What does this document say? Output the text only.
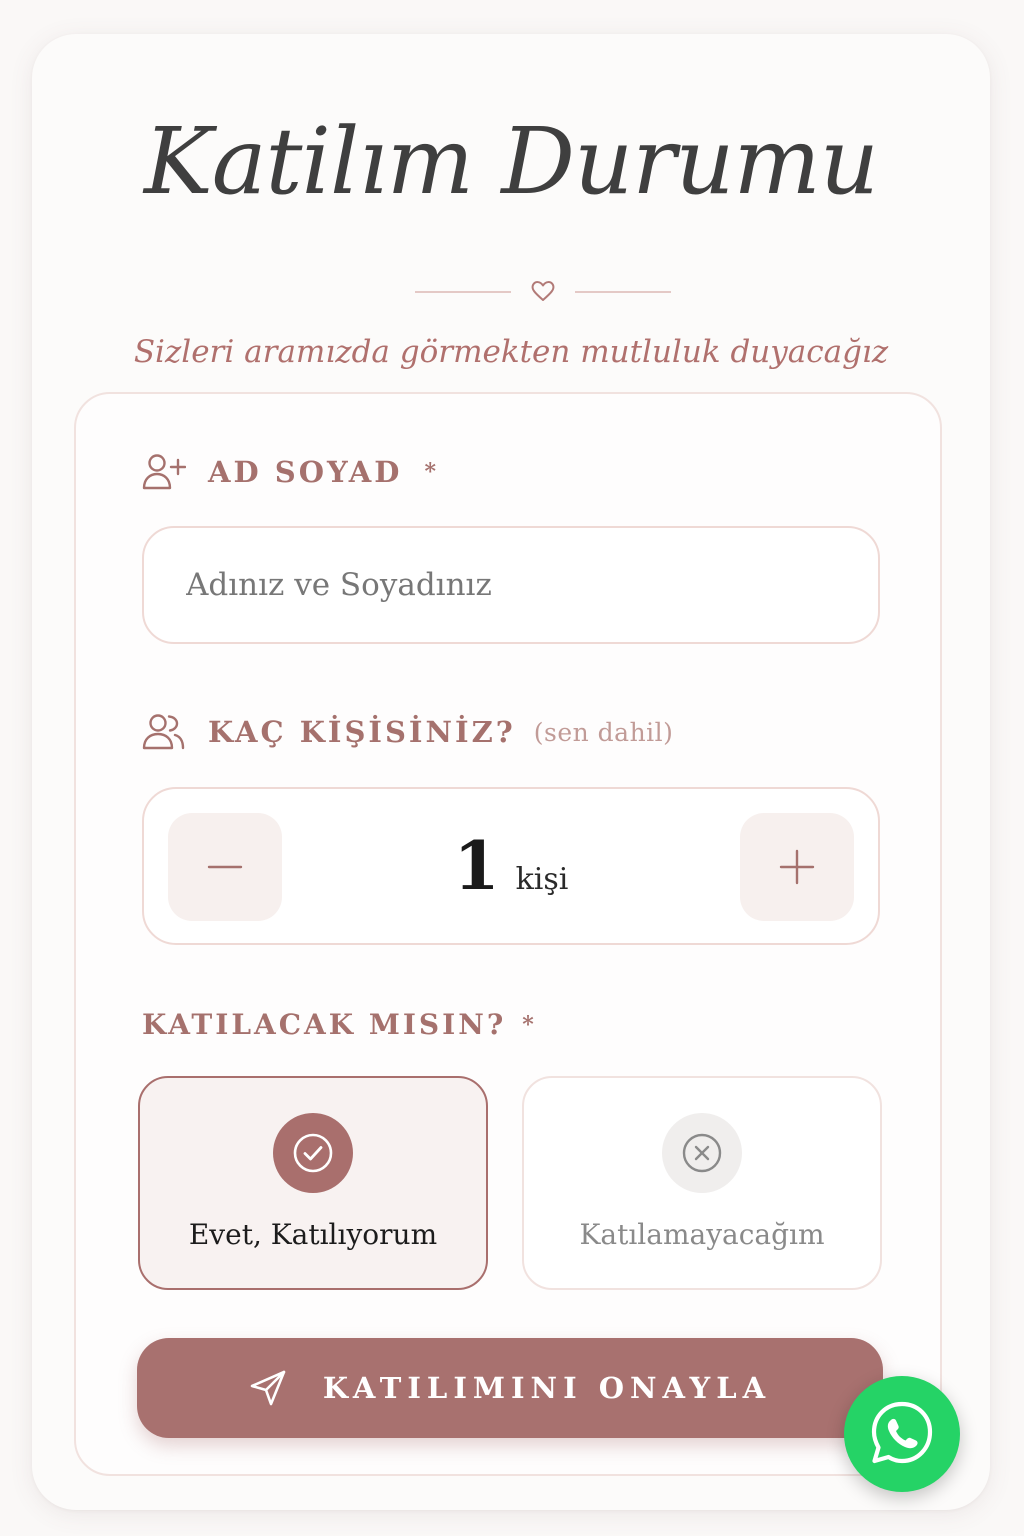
Katilım Durumu
Sizleri aramızda görmekten mutluluk duyacağız
AD SOYAD *
Adınız ve Soyadınız
KAÇ KİŞİSİNİZ? (sen dahil)
1 kişi
KATILACAK MISIN? *
Evet, Katılıyorum	Katılamayacağım
KATILIMINI ONAYLA
